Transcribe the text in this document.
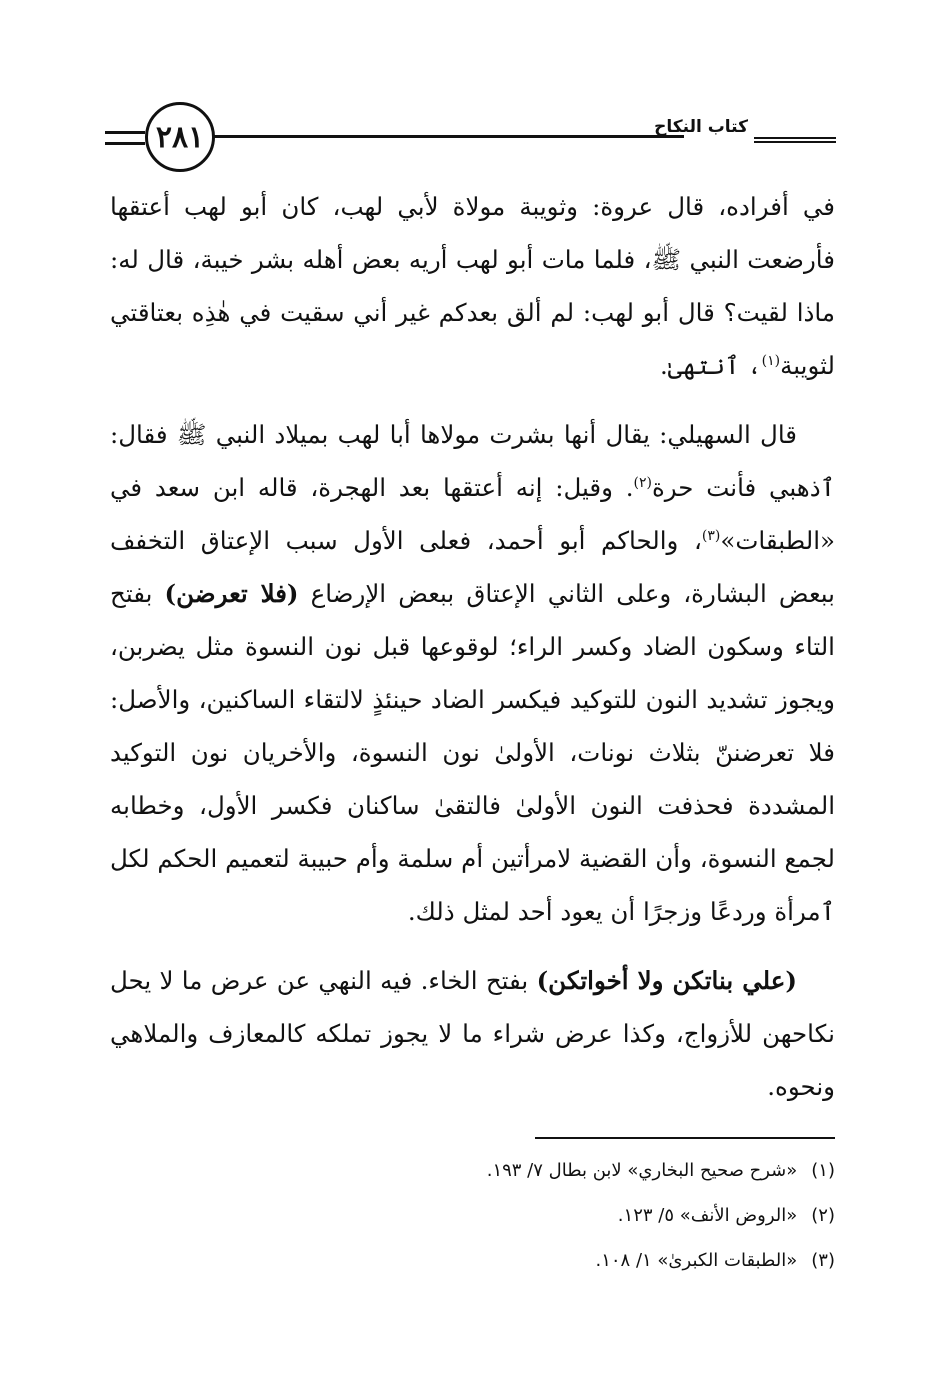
كتاب النكاح
٢٨١

في أفراده، قال عروة: وثويبة مولاة لأبي لهب، كان أبو لهب أعتقها فأرضعت النبي ﷺ، فلما مات أبو لهب أريه بعض أهله بشر خيبة، قال له: ماذا لقيت؟ قال أبو لهب: لم ألق بعدكم غير أني سقيت في هٰذِه بعتاقتي لثويبة$^{(١)}$، ٱنتهىٰ.

قال السهيلي: يقال أنها بشرت مولاها أبا لهب بميلاد النبي ﷺ فقال: ٱذهبي فأنت حرة$^{(٢)}$. وقيل: إنه أعتقها بعد الهجرة، قاله ابن سعد في «الطبقات»$^{(٣)}$، والحاكم أبو أحمد، فعلى الأول سبب الإعتاق التخفف ببعض البشارة، وعلى الثاني الإعتاق ببعض الإرضاع (فلا تعرضن) بفتح التاء وسكون الضاد وكسر الراء؛ لوقوعها قبل نون النسوة مثل يضربن، ويجوز تشديد النون للتوكيد فيكسر الضاد حينئذٍ لالتقاء الساكنين، والأصل: فلا تعرضننّ بثلاث نونات، الأولىٰ نون النسوة، والأخريان نون التوكيد المشددة فحذفت النون الأولىٰ فالتقىٰ ساكنان فكسر الأول، وخطابه لجمع النسوة، وأن القضية لامرأتين أم سلمة وأم حبيبة لتعميم الحكم لكل ٱمرأة وردعًا وزجرًا أن يعود أحد لمثل ذلك.

(علي بناتكن ولا أخواتكن) بفتح الخاء. فيه النهي عن عرض ما لا يحل نكاحهن للأزواج، وكذا عرض شراء ما لا يجوز تملكه كالمعازف والملاهي ونحوه.

(١)«شرح صحيح البخاري» لابن بطال ٧/ ١٩٣.
(٢)«الروض الأنف» ٥/ ١٢٣.
(٣)«الطبقات الكبرىٰ» ١/ ١٠٨.
